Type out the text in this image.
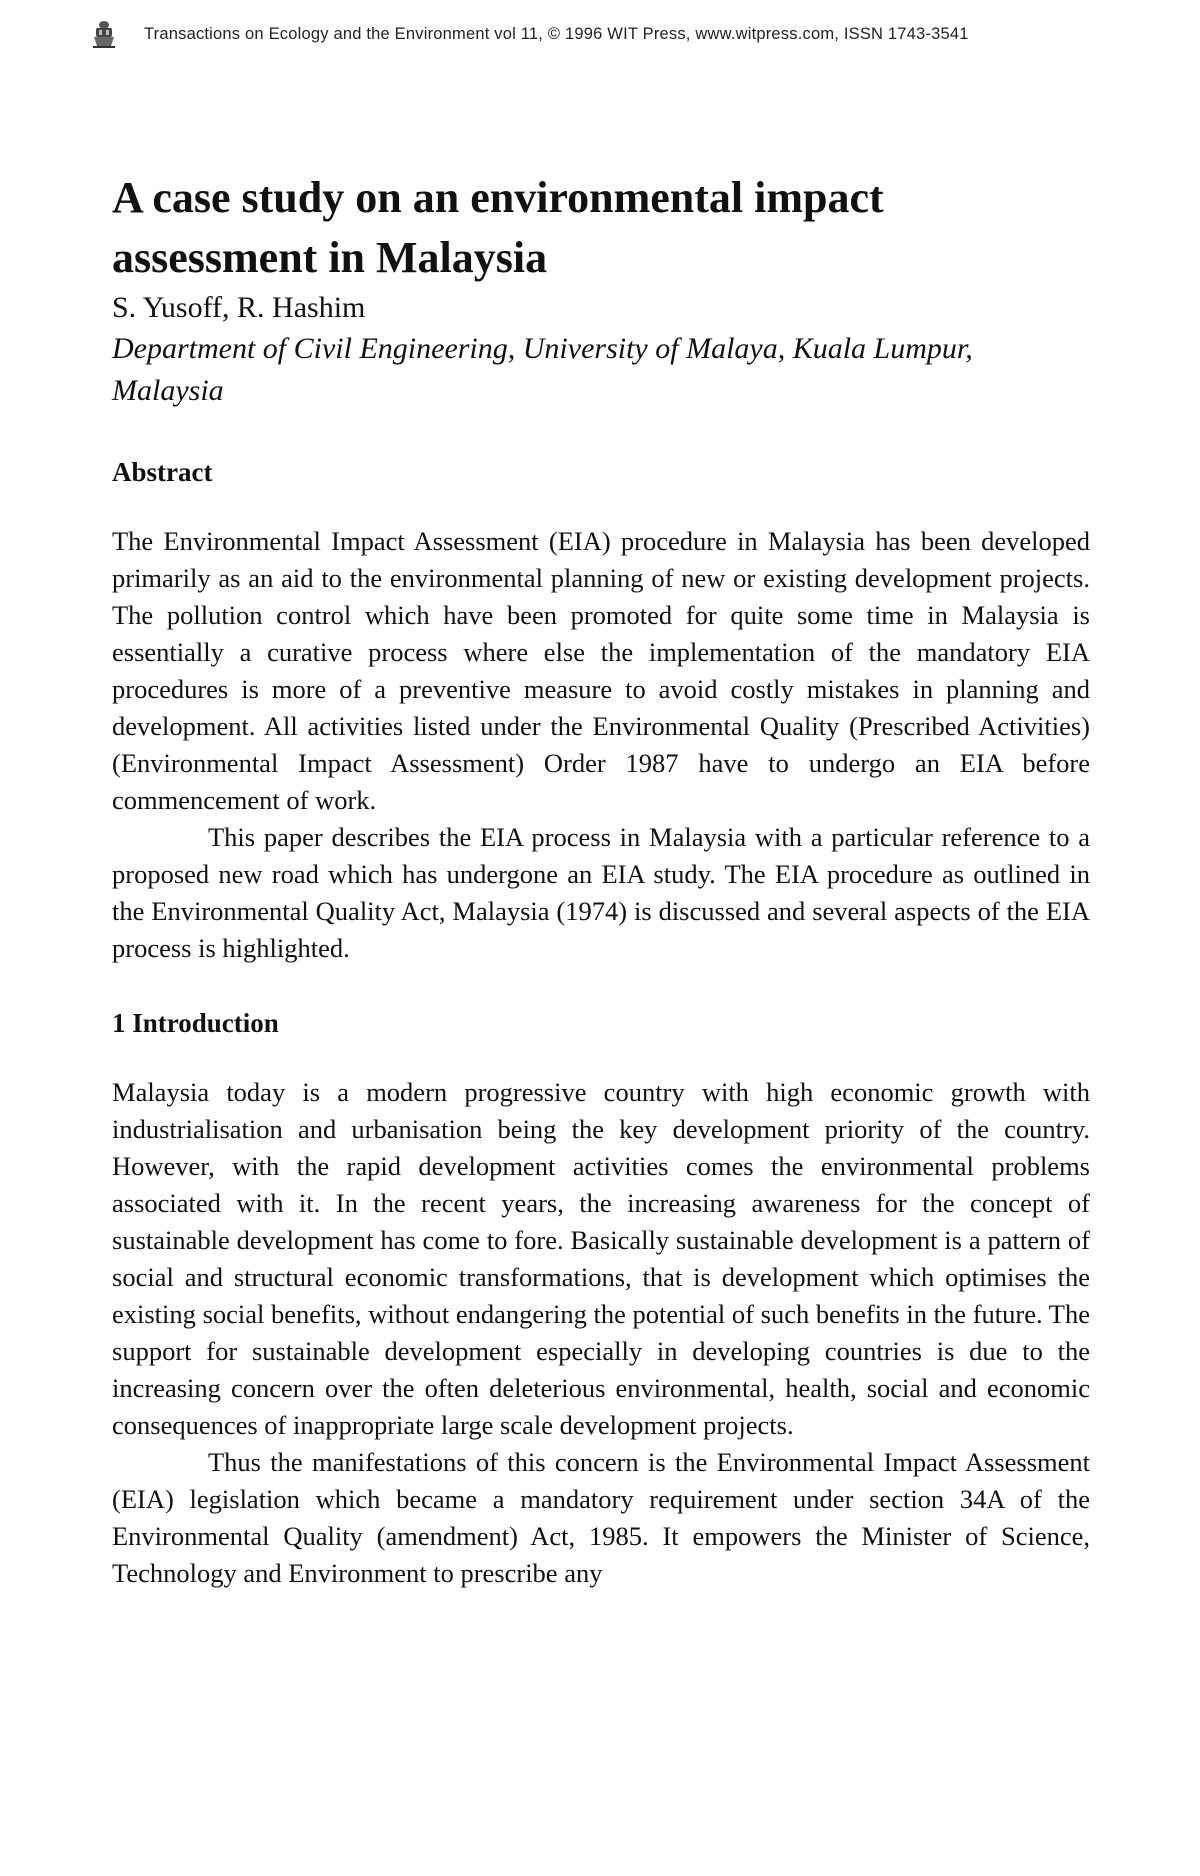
Transactions on Ecology and the Environment vol 11, © 1996 WIT Press, www.witpress.com, ISSN 1743-3541
A case study on an environmental impact assessment in Malaysia

S. Yusoff, R. Hashim

Department of Civil Engineering, University of Malaya, Kuala Lumpur, Malaysia

Abstract

The Environmental Impact Assessment (EIA) procedure in Malaysia has been developed primarily as an aid to the environmental planning of new or existing development projects. The pollution control which have been promoted for quite some time in Malaysia is essentially a curative process where else the implementation of the mandatory EIA procedures is more of a preventive measure to avoid costly mistakes in planning and development. All activities listed under the Environmental Quality (Prescribed Activities) (Environmental Impact Assessment) Order 1987 have to undergo an EIA before commencement of work.

This paper describes the EIA process in Malaysia with a particular reference to a proposed new road which has undergone an EIA study. The EIA procedure as outlined in the Environmental Quality Act, Malaysia (1974) is discussed and several aspects of the EIA process is highlighted.

1 Introduction

Malaysia today is a modern progressive country with high economic growth with industrialisation and urbanisation being the key development priority of the country. However, with the rapid development activities comes the environmental problems associated with it. In the recent years, the increasing awareness for the concept of sustainable development has come to fore. Basically sustainable development is a pattern of social and structural economic transformations, that is development which optimises the existing social benefits, without endangering the potential of such benefits in the future. The support for sustainable development especially in developing countries is due to the increasing concern over the often deleterious environmental, health, social and economic consequences of inappropriate large scale development projects.

Thus the manifestations of this concern is the Environmental Impact Assessment (EIA) legislation which became a mandatory requirement under section 34A of the Environmental Quality (amendment) Act, 1985. It empowers the Minister of Science, Technology and Environment to prescribe any
